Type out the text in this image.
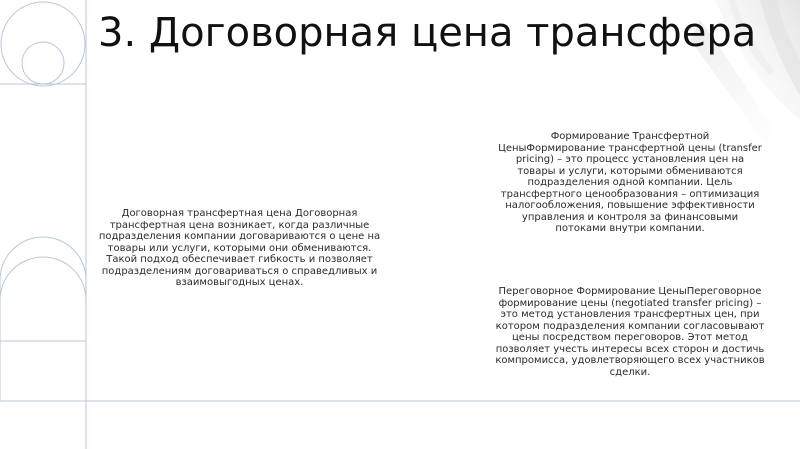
3. Договорная цена трансфера

Договорная трансфертная цена Договорная трансфертная цена возникает, когда различные подразделения компании договариваются о цене на товары или услуги, которыми они обмениваются. Такой подход обеспечивает гибкость и позволяет подразделениям договариваться о справедливых и взаимовыгодных ценах.

Формирование Трансфертной ЦеныФормирование трансфертной цены (transfer pricing) – это процесс установления цен на товары и услуги, которыми обмениваются подразделения одной компании. Цель трансфертного ценообразования – оптимизация налогообложения, повышение эффективности управления и контроля за финансовыми потоками внутри компании.

Переговорное Формирование ЦеныПереговорное формирование цены (negotiated transfer pricing) – это метод установления трансфертных цен, при котором подразделения компании согласовывают цены посредством переговоров. Этот метод позволяет учесть интересы всех сторон и достичь компромисса, удовлетворяющего всех участников сделки.
